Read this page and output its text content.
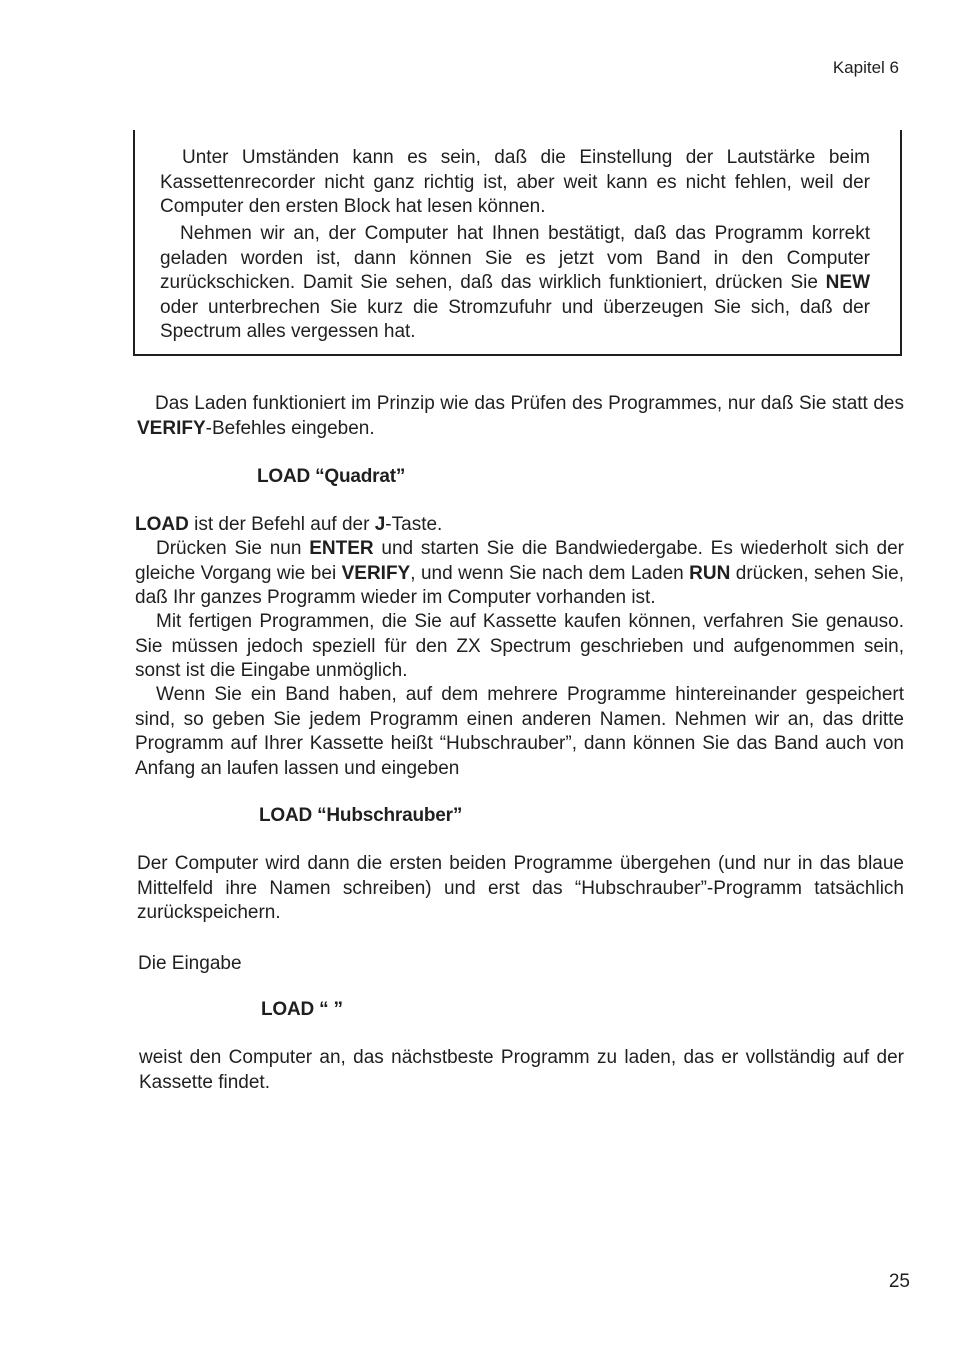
Kapitel 6
Unter Umständen kann es sein, daß die Einstellung der Lautstärke beim Kassettenrecorder nicht ganz richtig ist, aber weit kann es nicht fehlen, weil der Computer den ersten Block hat lesen können.
Nehmen wir an, der Computer hat Ihnen bestätigt, daß das Programm korrekt geladen worden ist, dann können Sie es jetzt vom Band in den Computer zurückschicken. Damit Sie sehen, daß das wirklich funktioniert, drücken Sie NEW oder unterbrechen Sie kurz die Stromzufuhr und überzeugen Sie sich, daß der Spectrum alles vergessen hat.

Das Laden funktioniert im Prinzip wie das Prüfen des Programmes, nur daß Sie statt des VERIFY-Befehles eingeben.

LOAD “Quadrat”

LOAD ist der Befehl auf der J-Taste.

Drücken Sie nun ENTER und starten Sie die Bandwiedergabe. Es wiederholt sich der gleiche Vorgang wie bei VERIFY, und wenn Sie nach dem Laden RUN drücken, sehen Sie, daß Ihr ganzes Programm wieder im Computer vorhanden ist.

Mit fertigen Programmen, die Sie auf Kassette kaufen können, verfahren Sie genauso. Sie müssen jedoch speziell für den ZX Spectrum geschrieben und aufgenommen sein, sonst ist die Eingabe unmöglich.

Wenn Sie ein Band haben, auf dem mehrere Programme hintereinander gespeichert sind, so geben Sie jedem Programm einen anderen Namen. Nehmen wir an, das dritte Programm auf Ihrer Kassette heißt “Hubschrauber”, dann können Sie das Band auch von Anfang an laufen lassen und eingeben

LOAD “Hubschrauber”

Der Computer wird dann die ersten beiden Programme übergehen (und nur in das blaue Mittelfeld ihre Namen schreiben) und erst das “Hubschrauber”-Programm tatsächlich zurückspeichern.

Die Eingabe

LOAD “ ”

weist den Computer an, das nächstbeste Programm zu laden, das er vollständig auf der Kassette findet.

25
